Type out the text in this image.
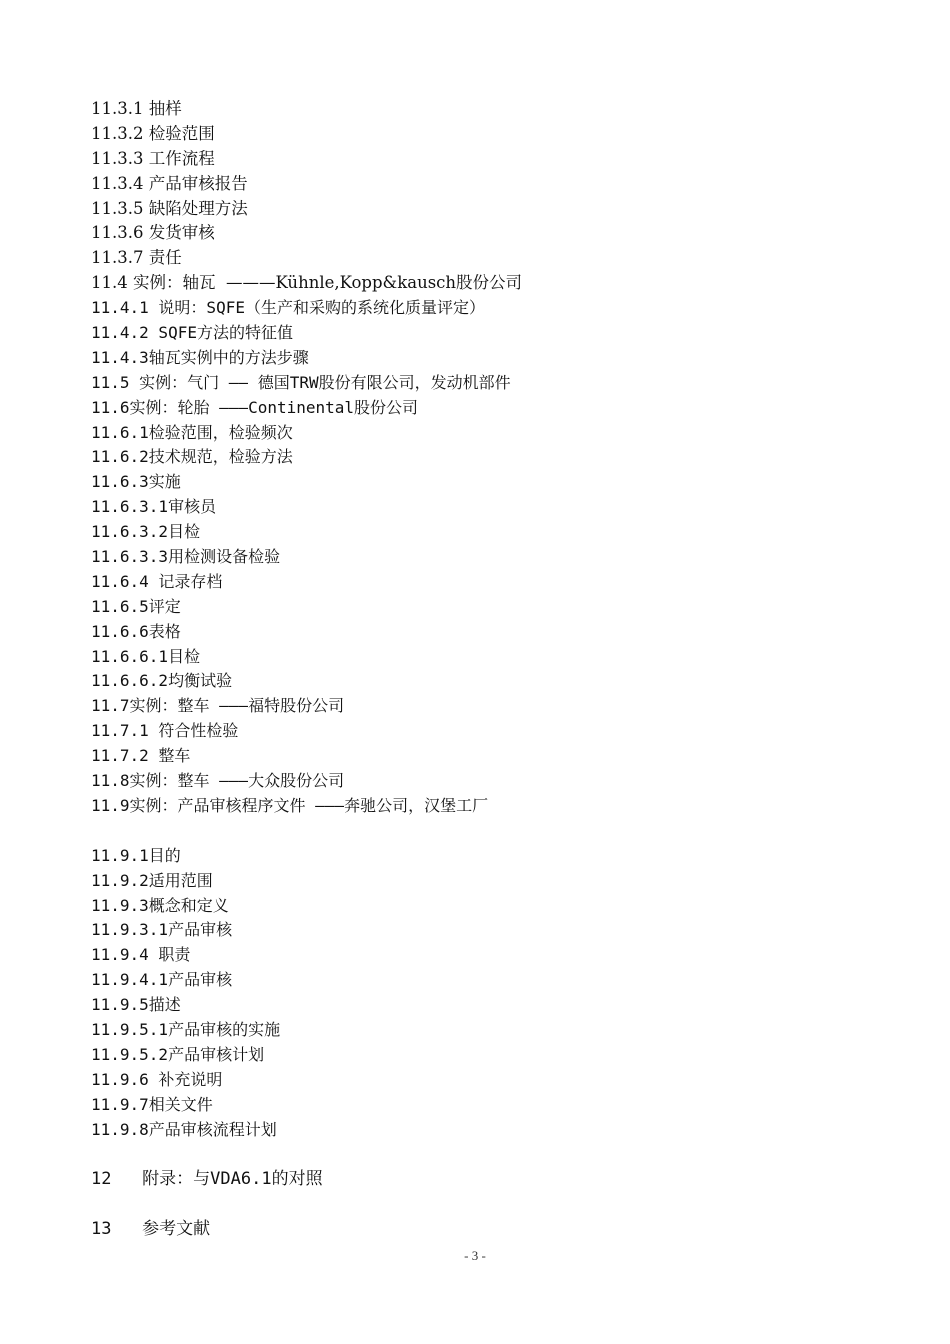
11.3.1 抽样
11.3.2 检验范围
11.3.3 工作流程
11.3.4 产品审核报告
11.3.5 缺陷处理方法
11.3.6 发货审核
11.3.7 责任
11.4 实例：轴瓦  ———Kühnle,Kopp&kausch股份公司
11.4.1 说明：SQFE（生产和采购的系统化质量评定）
11.4.2 SQFE方法的特征值
11.4.3轴瓦实例中的方法步骤
11.5 实例：气门 —— 德国TRW股份有限公司，发动机部件
11.6实例：轮胎 ———Continental股份公司
11.6.1检验范围，检验频次
11.6.2技术规范，检验方法
11.6.3实施
11.6.3.1审核员
11.6.3.2目检
11.6.3.3用检测设备检验
11.6.4 记录存档
11.6.5评定
11.6.6表格
11.6.6.1目检
11.6.6.2均衡试验
11.7实例：整车 ———福特股份公司
11.7.1 符合性检验
11.7.2 整车
11.8实例：整车 ———大众股份公司
11.9实例：产品审核程序文件 ———奔驰公司，汉堡工厂
11.9.1目的
11.9.2适用范围
11.9.3概念和定义
11.9.3.1产品审核
11.9.4 职责
11.9.4.1产品审核
11.9.5描述
11.9.5.1产品审核的实施
11.9.5.2产品审核计划
11.9.6 补充说明
11.9.7相关文件
11.9.8产品审核流程计划
12   附录：与VDA6.1的对照
13   参考文献
- 3 -
